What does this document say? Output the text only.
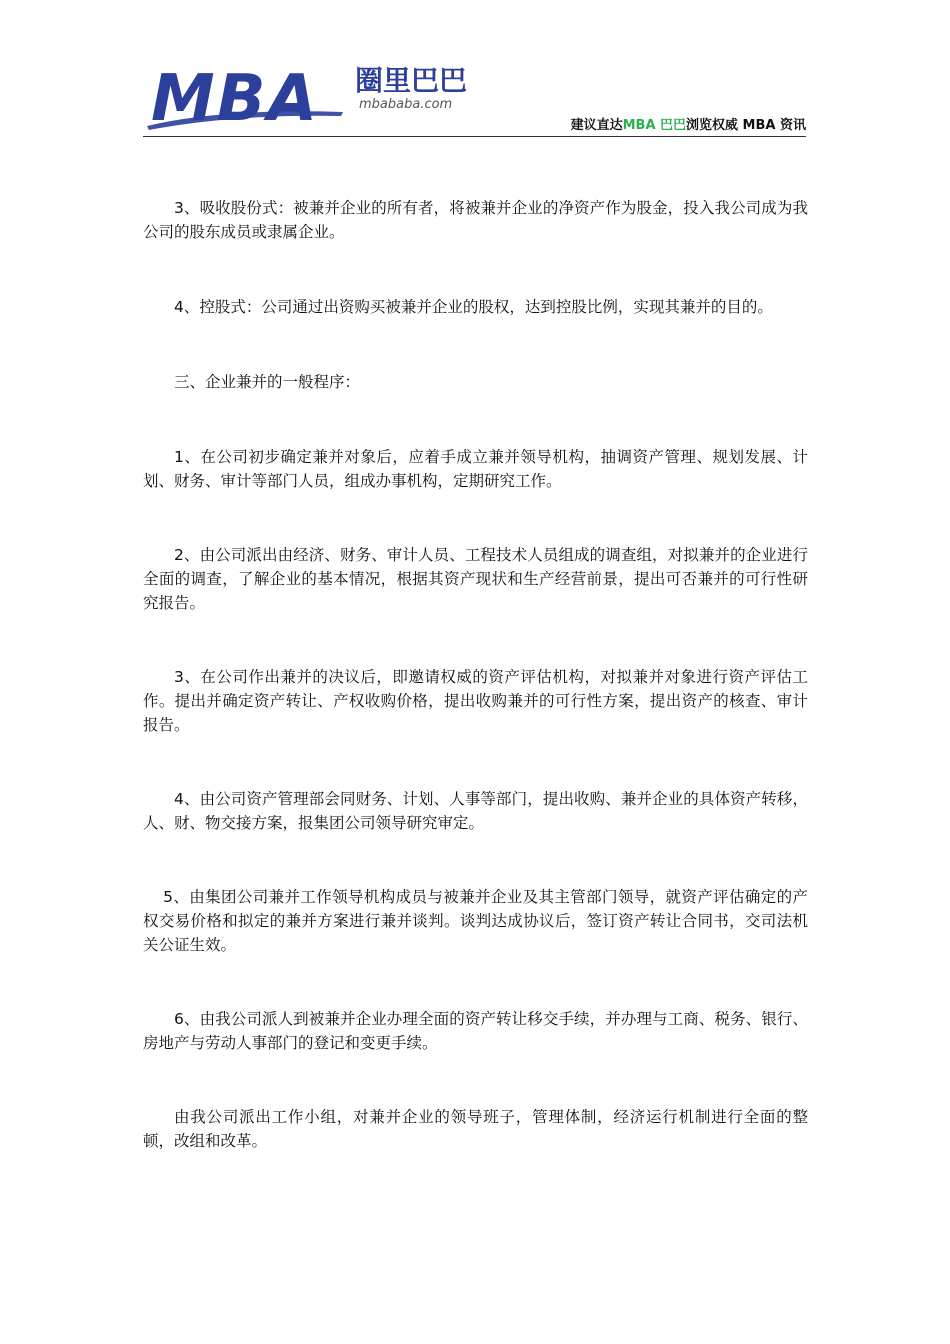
MBA 圈里巴巴
mbababa.com
建议直达MBA 巴巴浏览权威 MBA 资讯

3、吸收股份式：被兼并企业的所有者，将被兼并企业的净资产作为股金，投入我公司成为我公司的股东成员或隶属企业。

4、控股式：公司通过出资购买被兼并企业的股权，达到控股比例，实现其兼并的目的。

三、企业兼并的一般程序：

1、在公司初步确定兼并对象后，应着手成立兼并领导机构，抽调资产管理、规划发展、计划、财务、审计等部门人员，组成办事机构，定期研究工作。

2、由公司派出由经济、财务、审计人员、工程技术人员组成的调查组，对拟兼并的企业进行全面的调查，了解企业的基本情况，根据其资产现状和生产经营前景，提出可否兼并的可行性研究报告。

3、在公司作出兼并的决议后，即邀请权威的资产评估机构，对拟兼并对象进行资产评估工作。提出并确定资产转让、产权收购价格，提出收购兼并的可行性方案，提出资产的核查、审计报告。

4、由公司资产管理部会同财务、计划、人事等部门，提出收购、兼并企业的具体资产转移，人、财、物交接方案，报集团公司领导研究审定。

5、由集团公司兼并工作领导机构成员与被兼并企业及其主管部门领导，就资产评估确定的产权交易价格和拟定的兼并方案进行兼并谈判。谈判达成协议后，签订资产转让合同书，交司法机关公证生效。

6、由我公司派人到被兼并企业办理全面的资产转让移交手续，并办理与工商、税务、银行、房地产与劳动人事部门的登记和变更手续。

由我公司派出工作小组，对兼并企业的领导班子，管理体制，经济运行机制进行全面的整顿，改组和改革。
